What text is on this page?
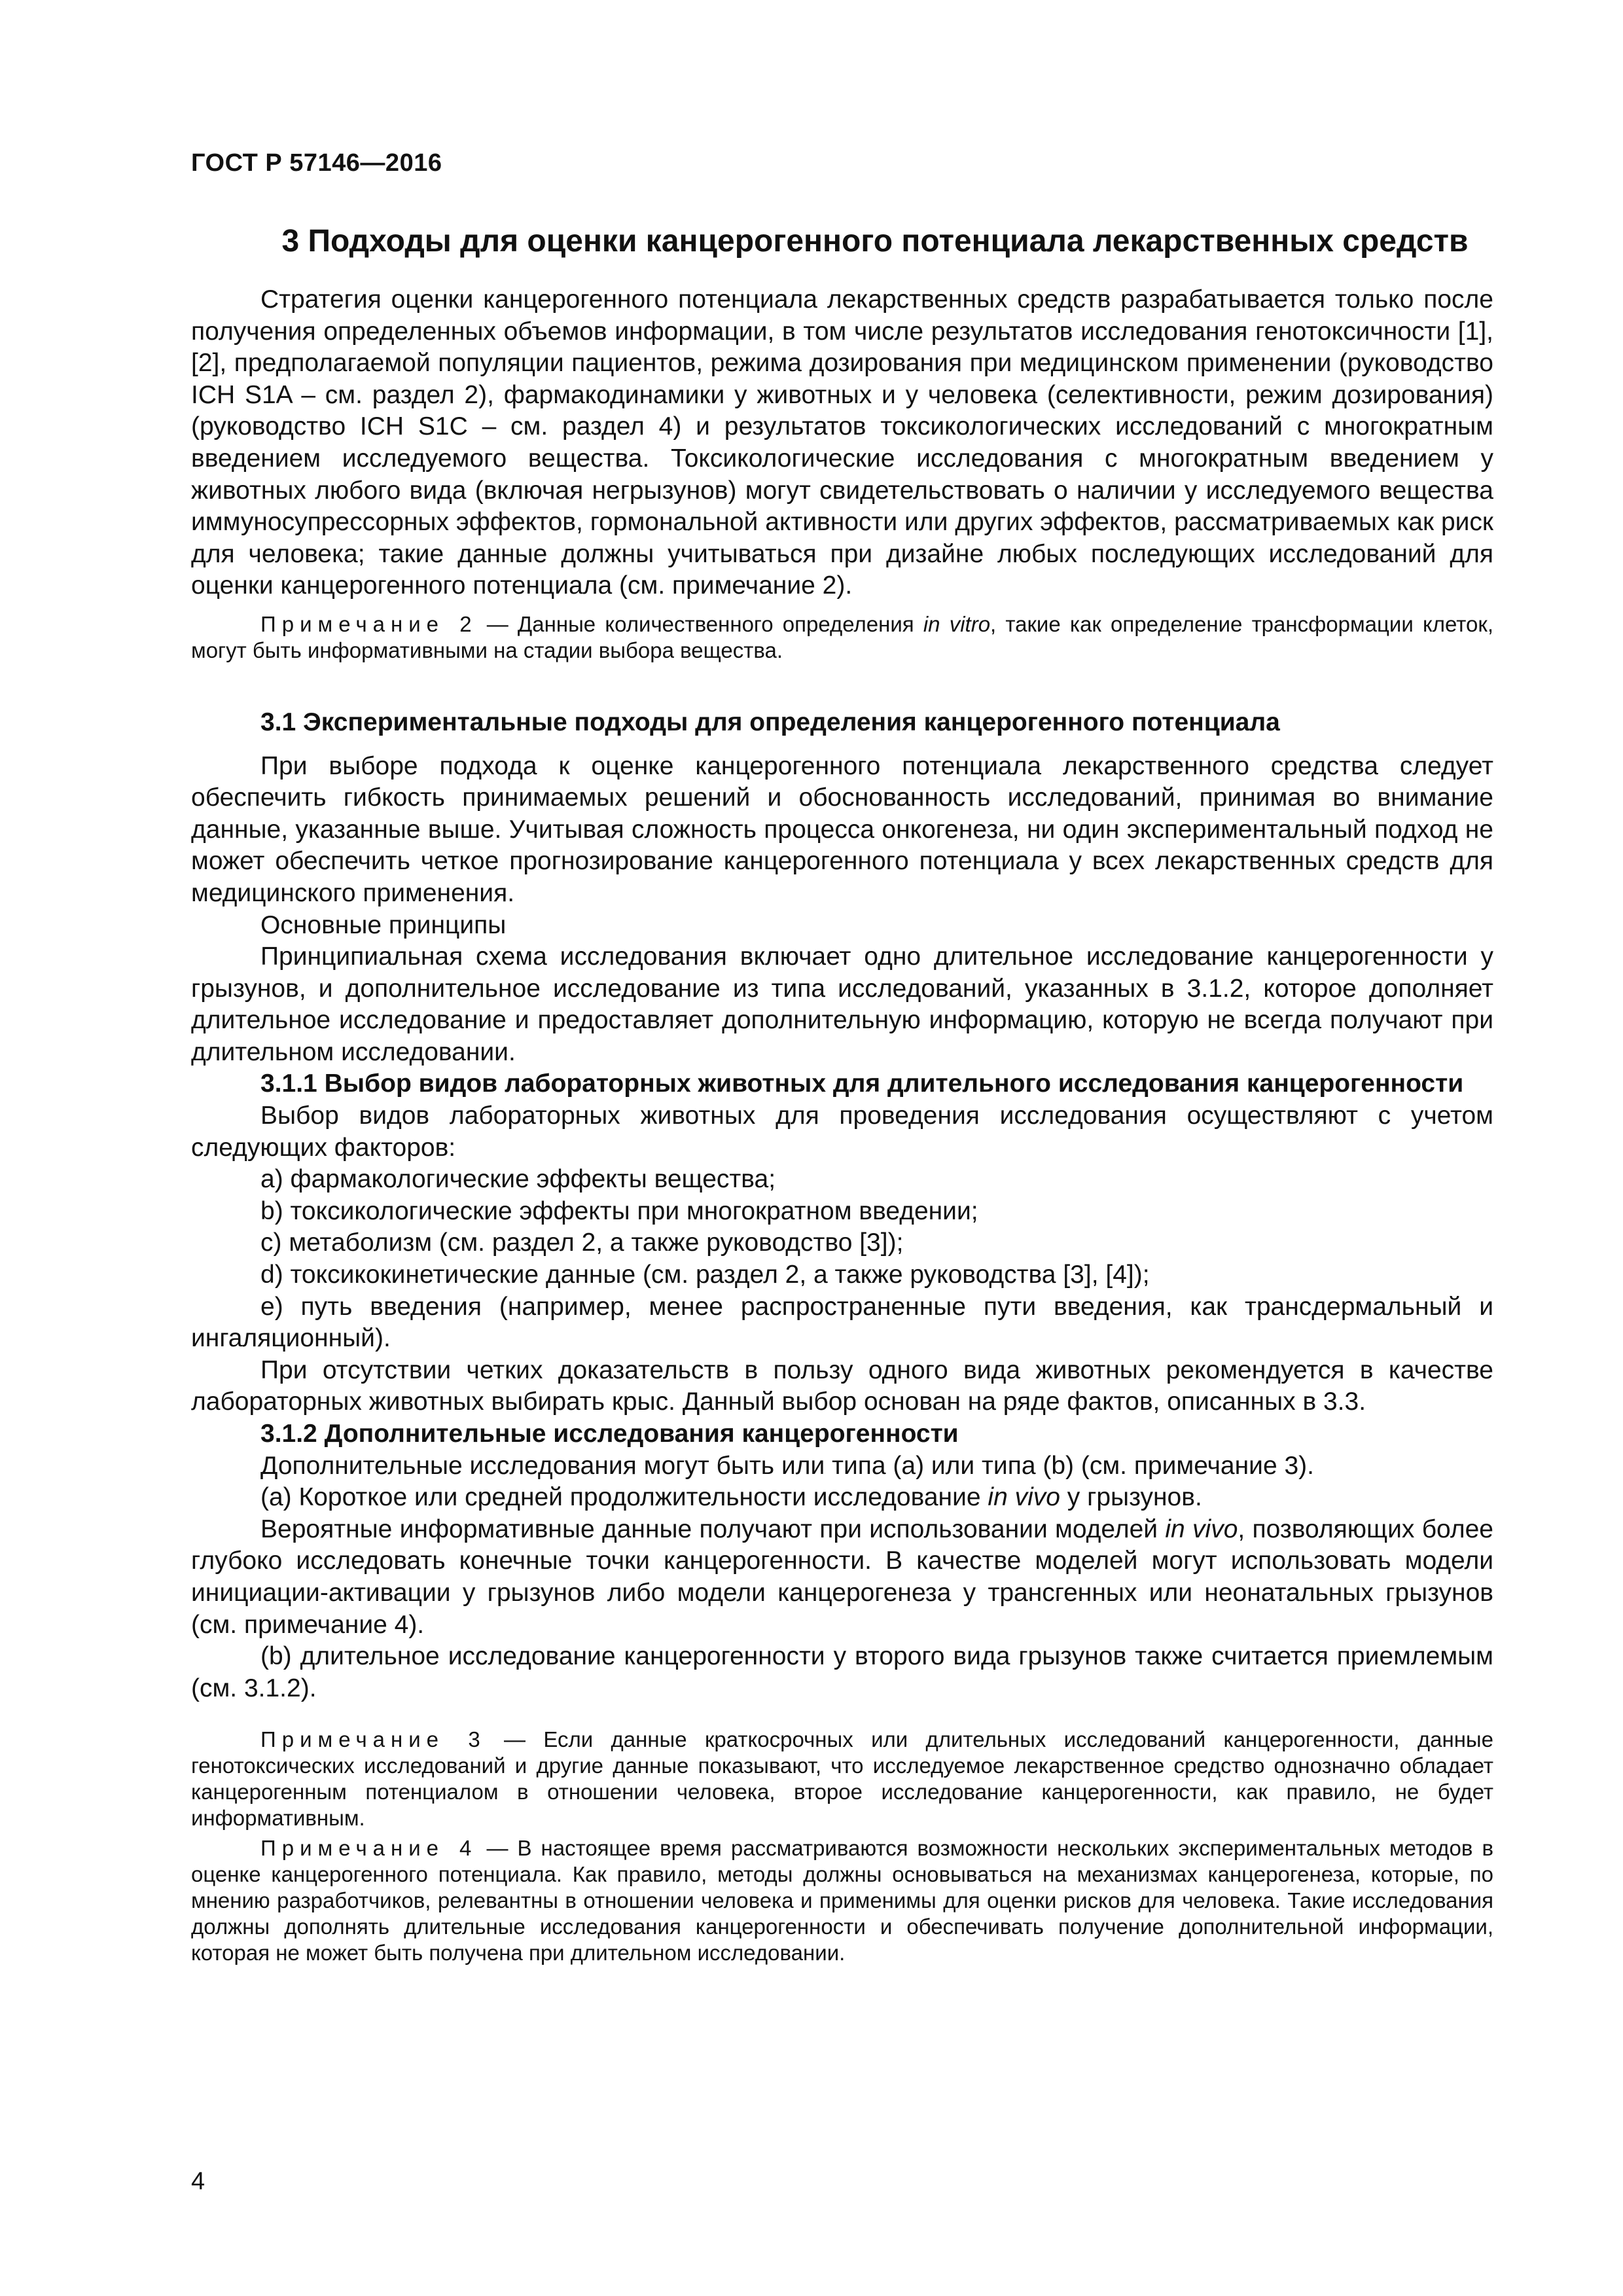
ГОСТ Р 57146—2016
3 Подходы для оценки канцерогенного потенциала лекарственных средств

Стратегия оценки канцерогенного потенциала лекарственных средств разрабатывается только после получения определенных объемов информации, в том числе результатов исследования генотоксичности [1], [2], предполагаемой популяции пациентов, режима дозирования при медицинском применении (руководство ICH S1A – см. раздел 2), фармакодинамики у животных и у человека (селективности, режим дозирования) (руководство ICH S1C – см. раздел 4) и результатов токсикологических исследований с многократным введением исследуемого вещества. Токсикологические исследования с многократным введением у животных любого вида (включая негрызунов) могут свидетельствовать о наличии у исследуемого вещества иммуносупрессорных эффектов, гормональной активности или других эффектов, рассматриваемых как риск для человека; такие данные должны учитываться при дизайне любых последующих исследований для оценки канцерогенного потенциала (см. примечание 2).

Примечание 2 — Данные количественного определения in vitro, такие как определение трансформации клеток, могут быть информативными на стадии выбора вещества.
3.1 Экспериментальные подходы для определения канцерогенного потенциала

При выборе подхода к оценке канцерогенного потенциала лекарственного средства следует обеспечить гибкость принимаемых решений и обоснованность исследований, принимая во внимание данные, указанные выше. Учитывая сложность процесса онкогенеза, ни один экспериментальный подход не может обеспечить четкое прогнозирование канцерогенного потенциала у всех лекарственных средств для медицинского применения.

Основные принципы

Принципиальная схема исследования включает одно длительное исследование канцерогенности у грызунов, и дополнительное исследование из типа исследований, указанных в 3.1.2, которое дополняет длительное исследование и предоставляет дополнительную информацию, которую не всегда получают при длительном исследовании.

3.1.1 Выбор видов лабораторных животных для длительного исследования канцерогенности

Выбор видов лабораторных животных для проведения исследования осуществляют с учетом следующих факторов:

a) фармакологические эффекты вещества;

b) токсикологические эффекты при многократном введении;

c) метаболизм (см. раздел 2, а также руководство [3]);

d) токсикокинетические данные (см. раздел 2, а также руководства [3], [4]);

e) путь введения (например, менее распространенные пути введения, как трансдермальный и ингаляционный).

При отсутствии четких доказательств в пользу одного вида животных рекомендуется в качестве лабораторных животных выбирать крыс. Данный выбор основан на ряде фактов, описанных в 3.3.

3.1.2 Дополнительные исследования канцерогенности

Дополнительные исследования могут быть или типа (a) или типа (b) (см. примечание 3).

(a) Короткое или средней продолжительности исследование in vivo у грызунов.

Вероятные информативные данные получают при использовании моделей in vivo, позволяющих более глубоко исследовать конечные точки канцерогенности. В качестве моделей могут использовать модели инициации-активации у грызунов либо модели канцерогенеза у трансгенных или неонатальных грызунов (см. примечание 4).

(b) длительное исследование канцерогенности у второго вида грызунов также считается приемлемым (см. 3.1.2).

Примечание 3 — Если данные краткосрочных или длительных исследований канцерогенности, данные генотоксических исследований и другие данные показывают, что исследуемое лекарственное средство однозначно обладает канцерогенным потенциалом в отношении человека, второе исследование канцерогенности, как правило, не будет информативным.
Примечание 4 — В настоящее время рассматриваются возможности нескольких экспериментальных методов в оценке канцерогенного потенциала. Как правило, методы должны основываться на механизмах канцерогенеза, которые, по мнению разработчиков, релевантны в отношении человека и применимы для оценки рисков для человека. Такие исследования должны дополнять длительные исследования канцерогенности и обеспечивать получение дополнительной информации, которая не может быть получена при длительном исследовании.
4
